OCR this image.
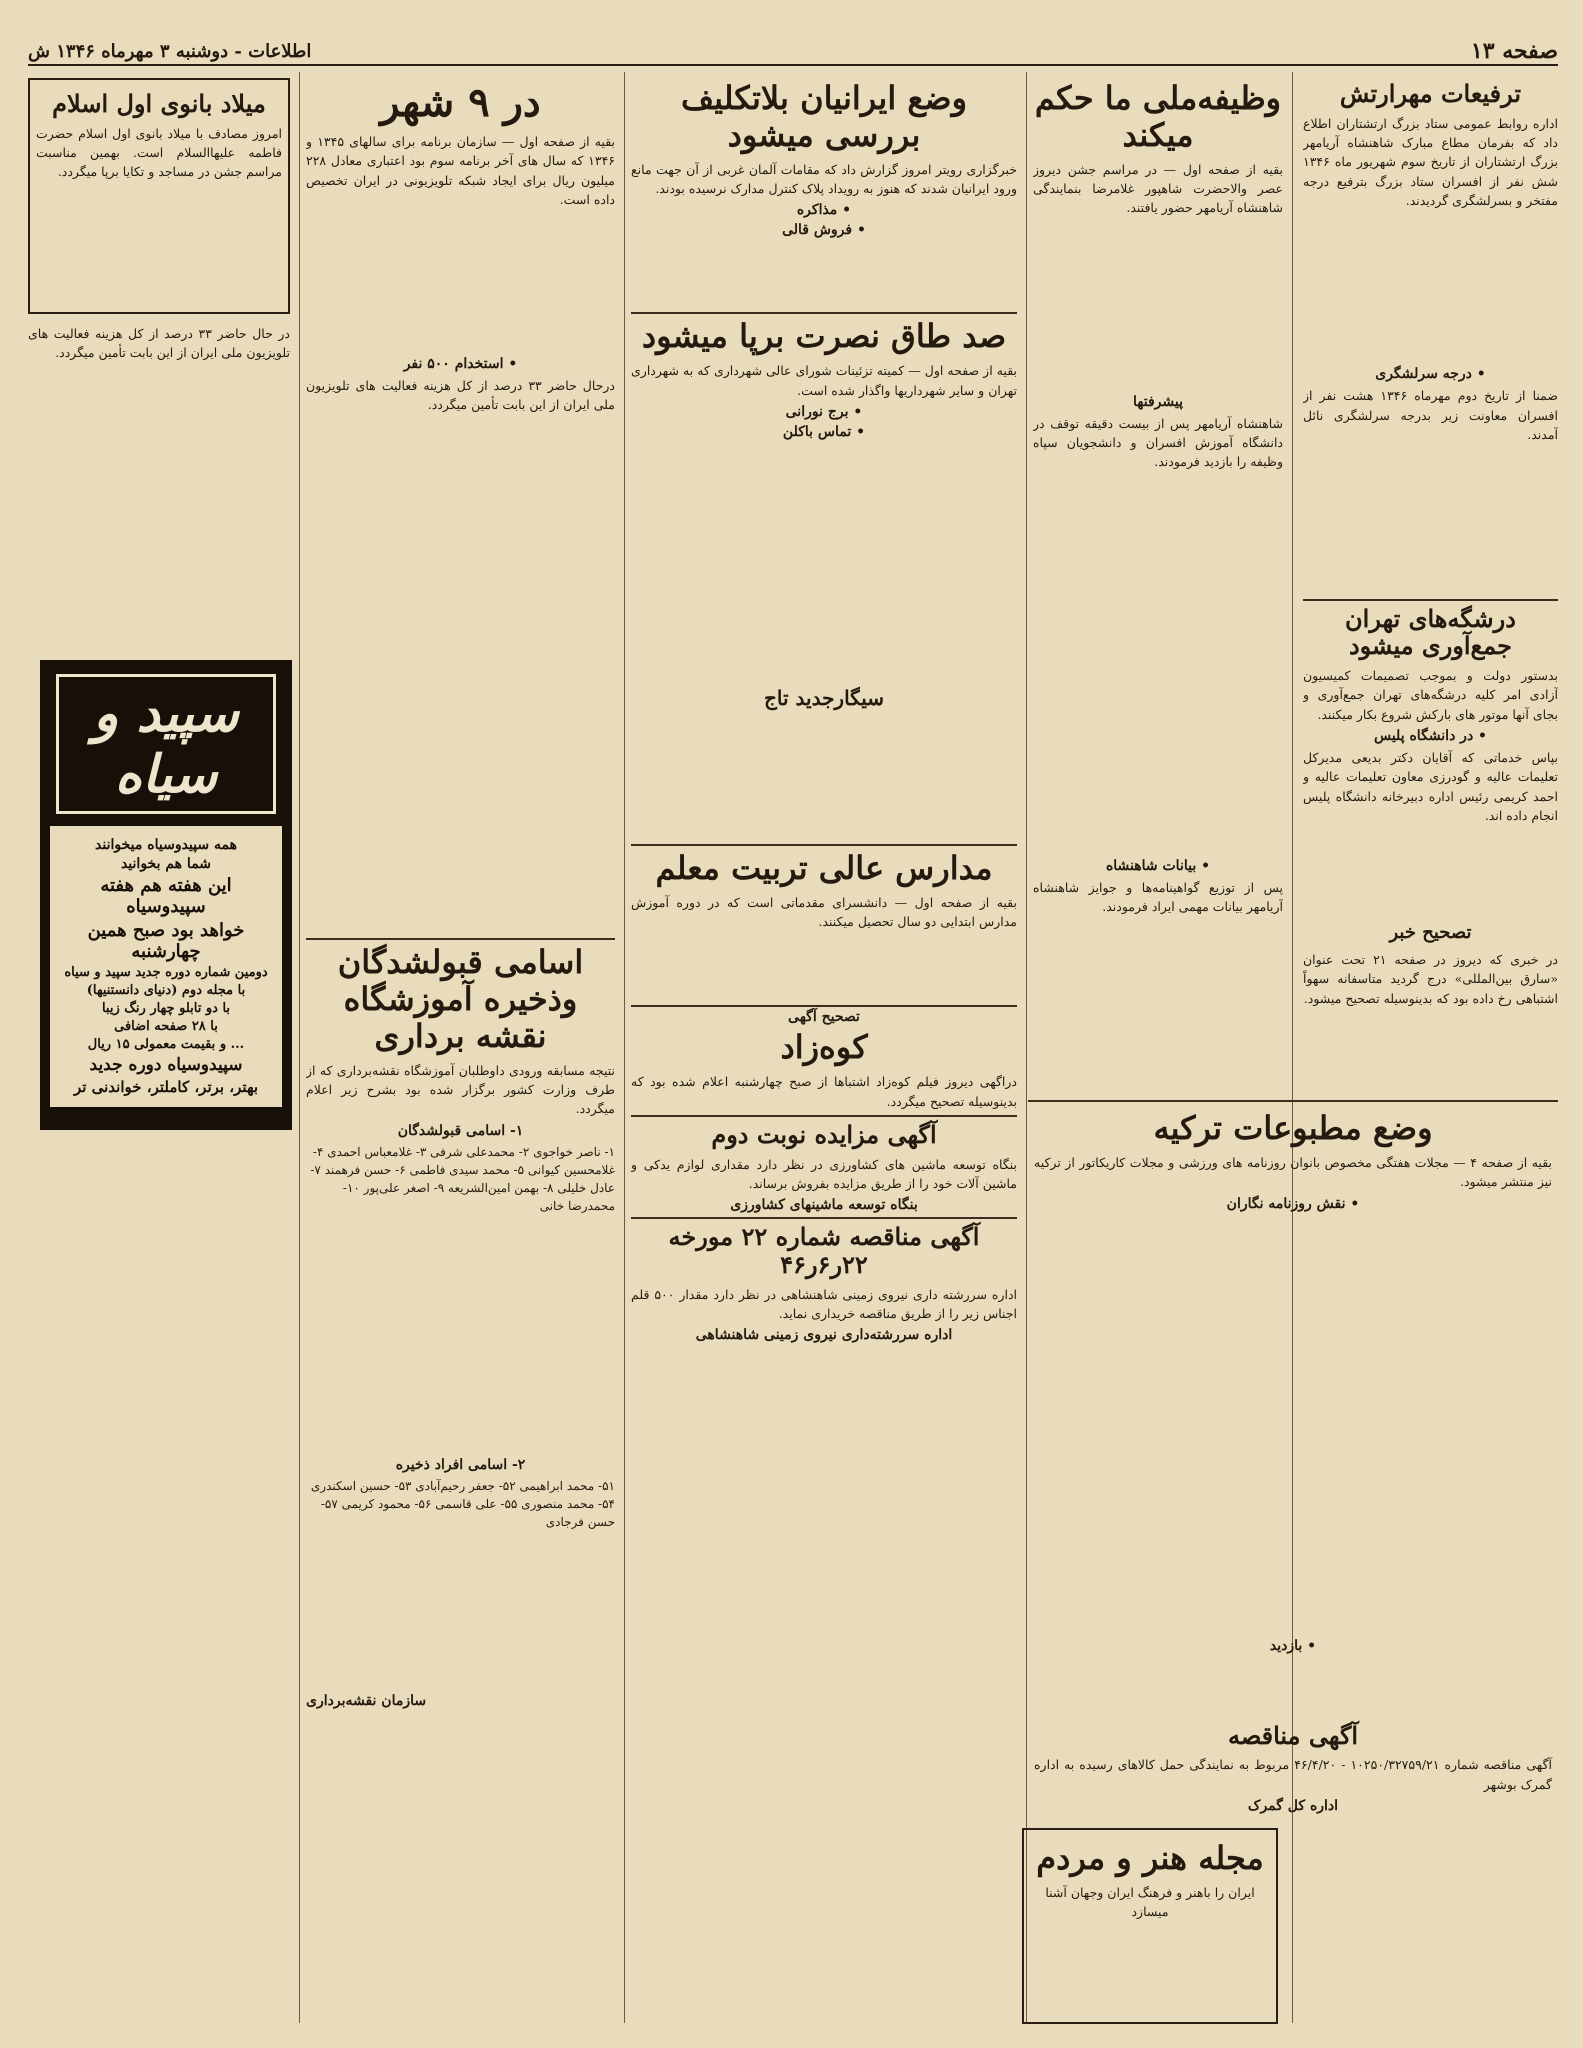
صفحه ۱۳
اطلاعات - دوشنبه ۳ مهرماه ۱۳۴۶ ش
ترفیعات مهرارتش

اداره روابط عمومی ستاد بزرگ ارتشتاران اطلاع داد که بفرمان مطاع مبارک شاهنشاه آریامهر بزرگ ارتشتاران از تاریخ سوم شهریور ماه ۱۳۴۶ شش نفر از افسران ستاد بزرگ بترفیع درجه مفتخر و بسرلشگری گردیدند.

• درجه سرلشگری

ضمنا از تاریخ دوم مهرماه ۱۳۴۶ هشت نفر از افسران معاونت زیر بدرجه سرلشگری نائل آمدند.

درشگه‌های تهران جمع‌آوری میشود

بدستور دولت و بموجب تصمیمات کمیسیون آزادی امر کلیه درشگه‌های تهران جمع‌آوری و بجای آنها موتور های بارکش شروع بکار میکنند.

• در دانشگاه پلیس

بپاس خدماتی که آقایان دکتر بدیعی مدیرکل تعلیمات عالیه و گودرزی معاون تعلیمات عالیه و احمد کریمی رئیس اداره دبیرخانه دانشگاه پلیس انجام داده اند.

تصحیح خبر

در خبری که دیروز در صفحه ۲۱ تحت عنوان «سارق بین‌المللی» درج گردید متاسفانه سهواً اشتباهی رخ داده بود که بدینوسیله تصحیح میشود.

وظیفه‌ملی ما حکم میکند

بقیه از صفحه اول — در مراسم جشن دیروز عصر والاحضرت شاهپور غلامرضا بنمایندگی شاهنشاه آریامهر حضور یافتند.

پیشرفتها

شاهنشاه آریامهر پس از بیست دقیقه توقف در دانشگاه آموزش افسران و دانشجویان سپاه وظیفه را بازدید فرمودند.

• بیانات شاهنشاه

پس از توزیع گواهینامه‌ها و جوایز شاهنشاه آریامهر بیانات مهمی ایراد فرمودند.

وضع مطبوعات ترکیه

بقیه از صفحه ۴ — مجلات هفتگی مخصوص بانوان روزنامه های ورزشی و مجلات کاریکاتور از ترکیه نیز منتشر میشود.

• نقش روزنامه نگاران
• بازدید
آگهی مناقصه

آگهی مناقصه شماره ۱۰۲۵۰/۳۲۷۵۹/۲۱ - ۴۶/۴/۲۰ مربوط به نمایندگی حمل کالاهای رسیده به اداره گمرک بوشهر

اداره کل گمرک
مجله هنر و مردم

ایران را باهنر و فرهنگ ایران وجهان آشنا میسازد

وضع ایرانیان بلاتکلیف بررسی میشود

خبرگزاری رویتر امروز گزارش داد که مقامات آلمان غربی از آن جهت مانع ورود ایرانیان شدند که هنوز به رویداد پلاک کنترل مدارک نرسیده بودند.

• مذاکره
• فروش قالی
صد طاق نصرت برپا میشود

بقیه از صفحه اول — کمیته تزئینات شورای عالی شهرداری که به شهرداری تهران و سایر شهرداریها واگذار شده است.

• برج نورانی
• تماس باکلن
سیگارجدید تاج
مدارس عالی تربیت معلم

بقیه از صفحه اول — دانشسرای مقدماتی است که در دوره آموزش مدارس ابتدایی دو سال تحصیل میکنند.

تصحیح آگهی
کوه‌زاد

دراگهی دیروز فیلم کوه‌زاد اشتباها از صبح چهارشنبه اعلام شده بود که بدینوسیله تصحیح میگردد.

آگهی مزایده نوبت دوم

بنگاه توسعه ماشین های کشاورزی در نظر دارد مقداری لوازم یدکی و ماشین آلات خود را از طریق مزایده بفروش برساند.

بنگاه توسعه ماشینهای کشاورزی
آگهی مناقصه شماره ۲۲ مورخه ۲۲ر۶ر۴۶

اداره سررشته داری نیروی زمینی شاهنشاهی در نظر دارد مقدار ۵۰۰ قلم اجناس زیر را از طریق مناقصه خریداری نماید.

اداره سررشته‌داری نیروی زمینی شاهنشاهی
در ۹ شهر

بقیه از صفحه اول — سازمان برنامه برای سالهای ۱۳۴۵ و ۱۳۴۶ که سال های آخر برنامه سوم بود اعتباری معادل ۲۲۸ میلیون ریال برای ایجاد شبکه تلویزیونی در ایران تخصیص داده است.

• استخدام ۵۰۰ نفر

درحال حاضر ۳۳ درصد از کل هزینه فعالیت های تلویزیون ملی ایران از این بابت تأمین میگردد.

اسامی قبولشدگان وذخیره آموزشگاه نقشه برداری

نتیجه مسابقه ورودی داوطلبان آموزشگاه نقشه‌برداری که از طرف وزارت کشور برگزار شده بود بشرح زیر اعلام میگردد.

۱- اسامی قبولشدگان

۱- ناصر خواجوی ۲- محمدعلی شرفی ۳- غلامعباس احمدی ۴- غلامحسین کیوانی ۵- محمد سیدی فاطمی ۶- حسن فرهمند ۷- عادل خلیلی ۸- بهمن امین‌الشریعه ۹- اصغر علی‌پور ۱۰- محمدرضا خانی

۲- اسامی افراد ذخیره

۵۱- محمد ابراهیمی ۵۲- جعفر رحیم‌آبادی ۵۳- حسین اسکندری ۵۴- محمد منصوری ۵۵- علی قاسمی ۵۶- محمود کریمی ۵۷- حسن فرجادی

سازمان نقشه‌برداری
میلاد بانوی اول اسلام

امروز مصادف با میلاد بانوی اول اسلام حضرت فاطمه علیهاالسلام است. بهمین مناسبت مراسم جشن در مساجد و تکایا برپا میگردد.

در حال حاضر ۳۳ درصد از کل هزینه فعالیت های تلویزیون ملی ایران از این بابت تأمین میگردد.

سپید و سیاه

همه سپیدوسیاه میخوانند

شما هم بخوانید

این هفته هم هفته سپیدوسیاه

خواهد بود صبح همین چهارشنبه

دومین شماره دوره جدید سپید و سیاه

با مجله دوم (دنیای دانستنیها)

با دو تابلو چهار رنگ زیبا

با ۲۸ صفحه اضافی

... و بقیمت معمولی ۱۵ ریال

سپیدوسیاه دوره جدید

بهتر، برتر، کاملتر، خواندنی تر
